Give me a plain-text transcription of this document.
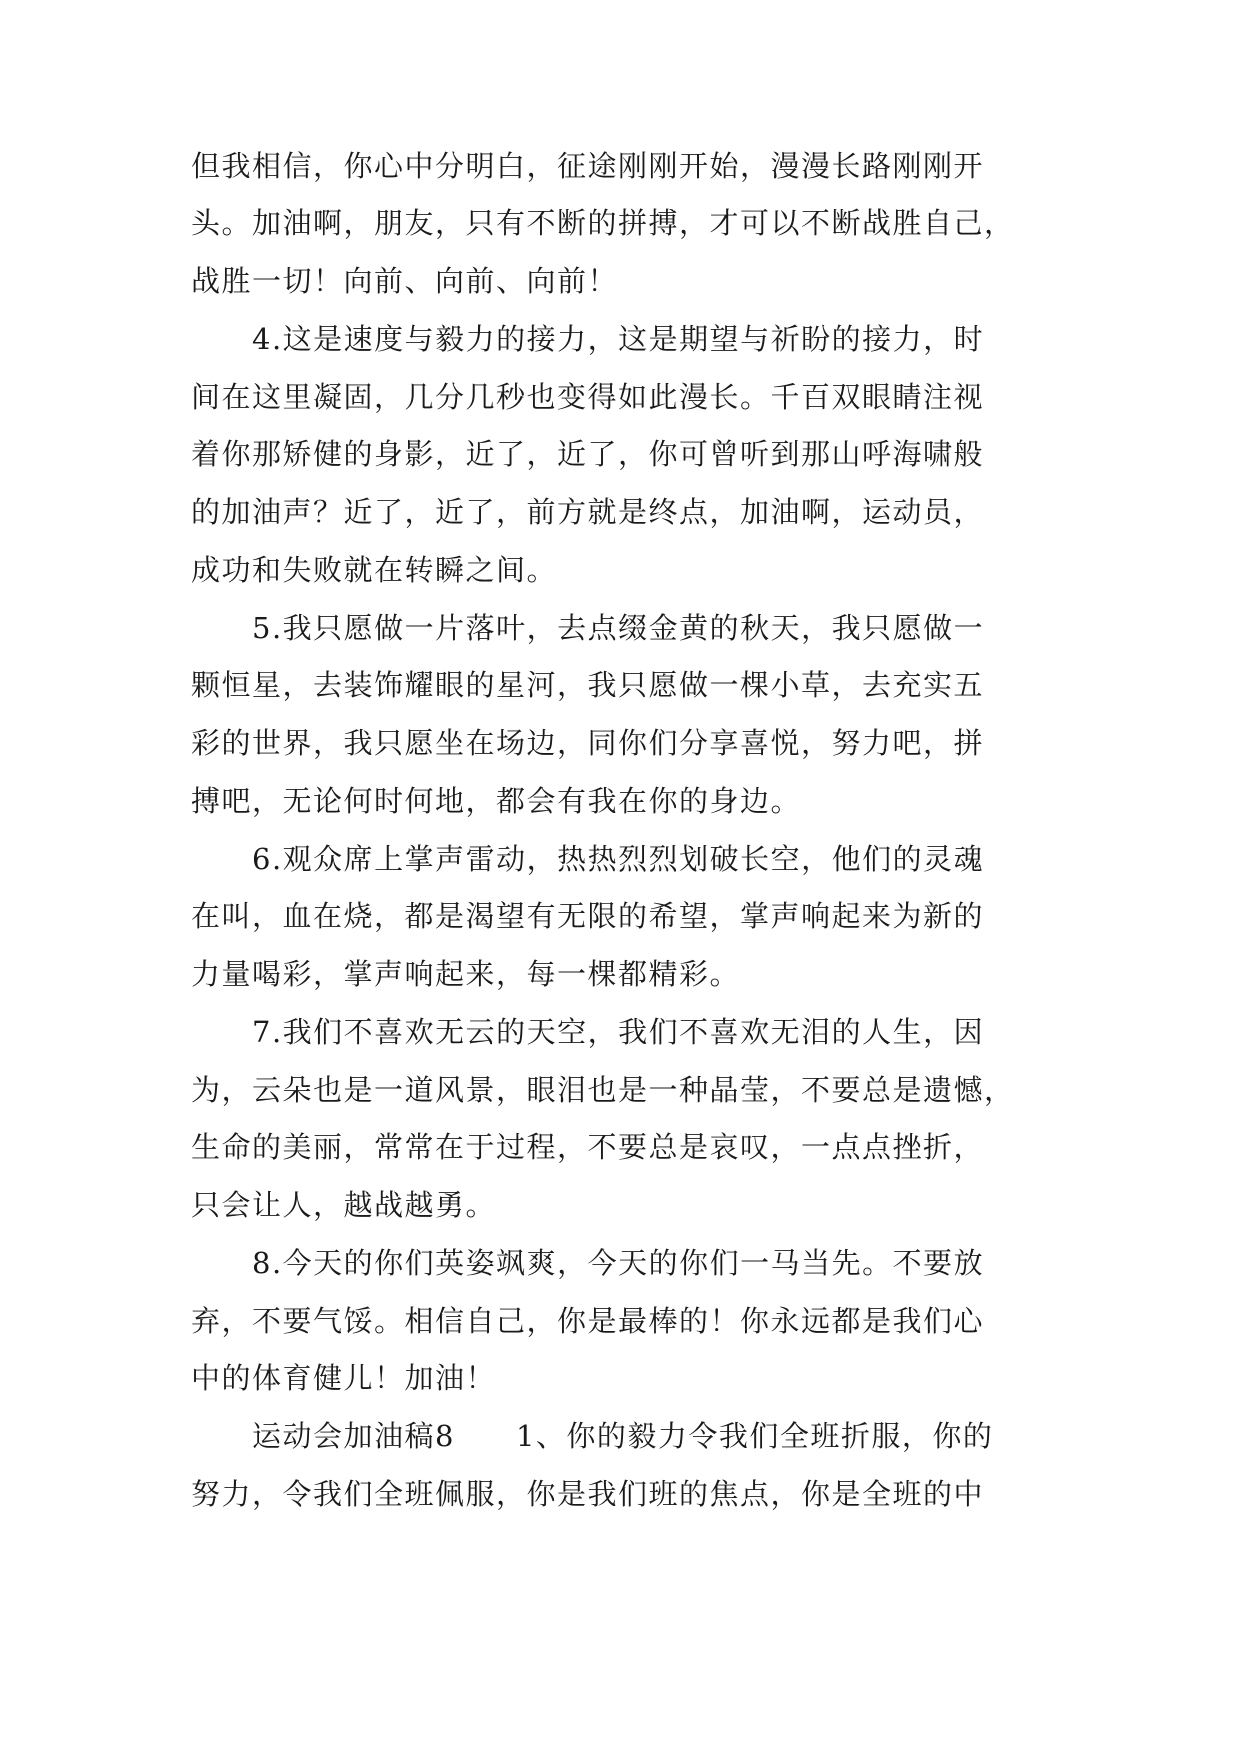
但我相信，你心中分明白，征途刚刚开始，漫漫长路刚刚开
头。加油啊，朋友，只有不断的拼搏，才可以不断战胜自己，
战胜一切！向前、向前、向前！
　　4.这是速度与毅力的接力，这是期望与祈盼的接力，时
间在这里凝固，几分几秒也变得如此漫长。千百双眼睛注视
着你那矫健的身影，近了，近了，你可曾听到那山呼海啸般
的加油声？近了，近了，前方就是终点，加油啊，运动员，
成功和失败就在转瞬之间。
　　5.我只愿做一片落叶，去点缀金黄的秋天，我只愿做一
颗恒星，去装饰耀眼的星河，我只愿做一棵小草，去充实五
彩的世界，我只愿坐在场边，同你们分享喜悦，努力吧，拼
搏吧，无论何时何地，都会有我在你的身边。
　　6.观众席上掌声雷动，热热烈烈划破长空，他们的灵魂
在叫，血在烧，都是渴望有无限的希望，掌声响起来为新的
力量喝彩，掌声响起来，每一棵都精彩。
　　7.我们不喜欢无云的天空，我们不喜欢无泪的人生，因
为，云朵也是一道风景，眼泪也是一种晶莹，不要总是遗憾，
生命的美丽，常常在于过程，不要总是哀叹，一点点挫折，
只会让人，越战越勇。
　　8.今天的你们英姿飒爽，今天的你们一马当先。不要放
弃，不要气馁。相信自己，你是最棒的！你永远都是我们心
中的体育健儿！加油！
　　运动会加油稿8　　1、你的毅力令我们全班折服，你的
努力，令我们全班佩服，你是我们班的焦点，你是全班的中
